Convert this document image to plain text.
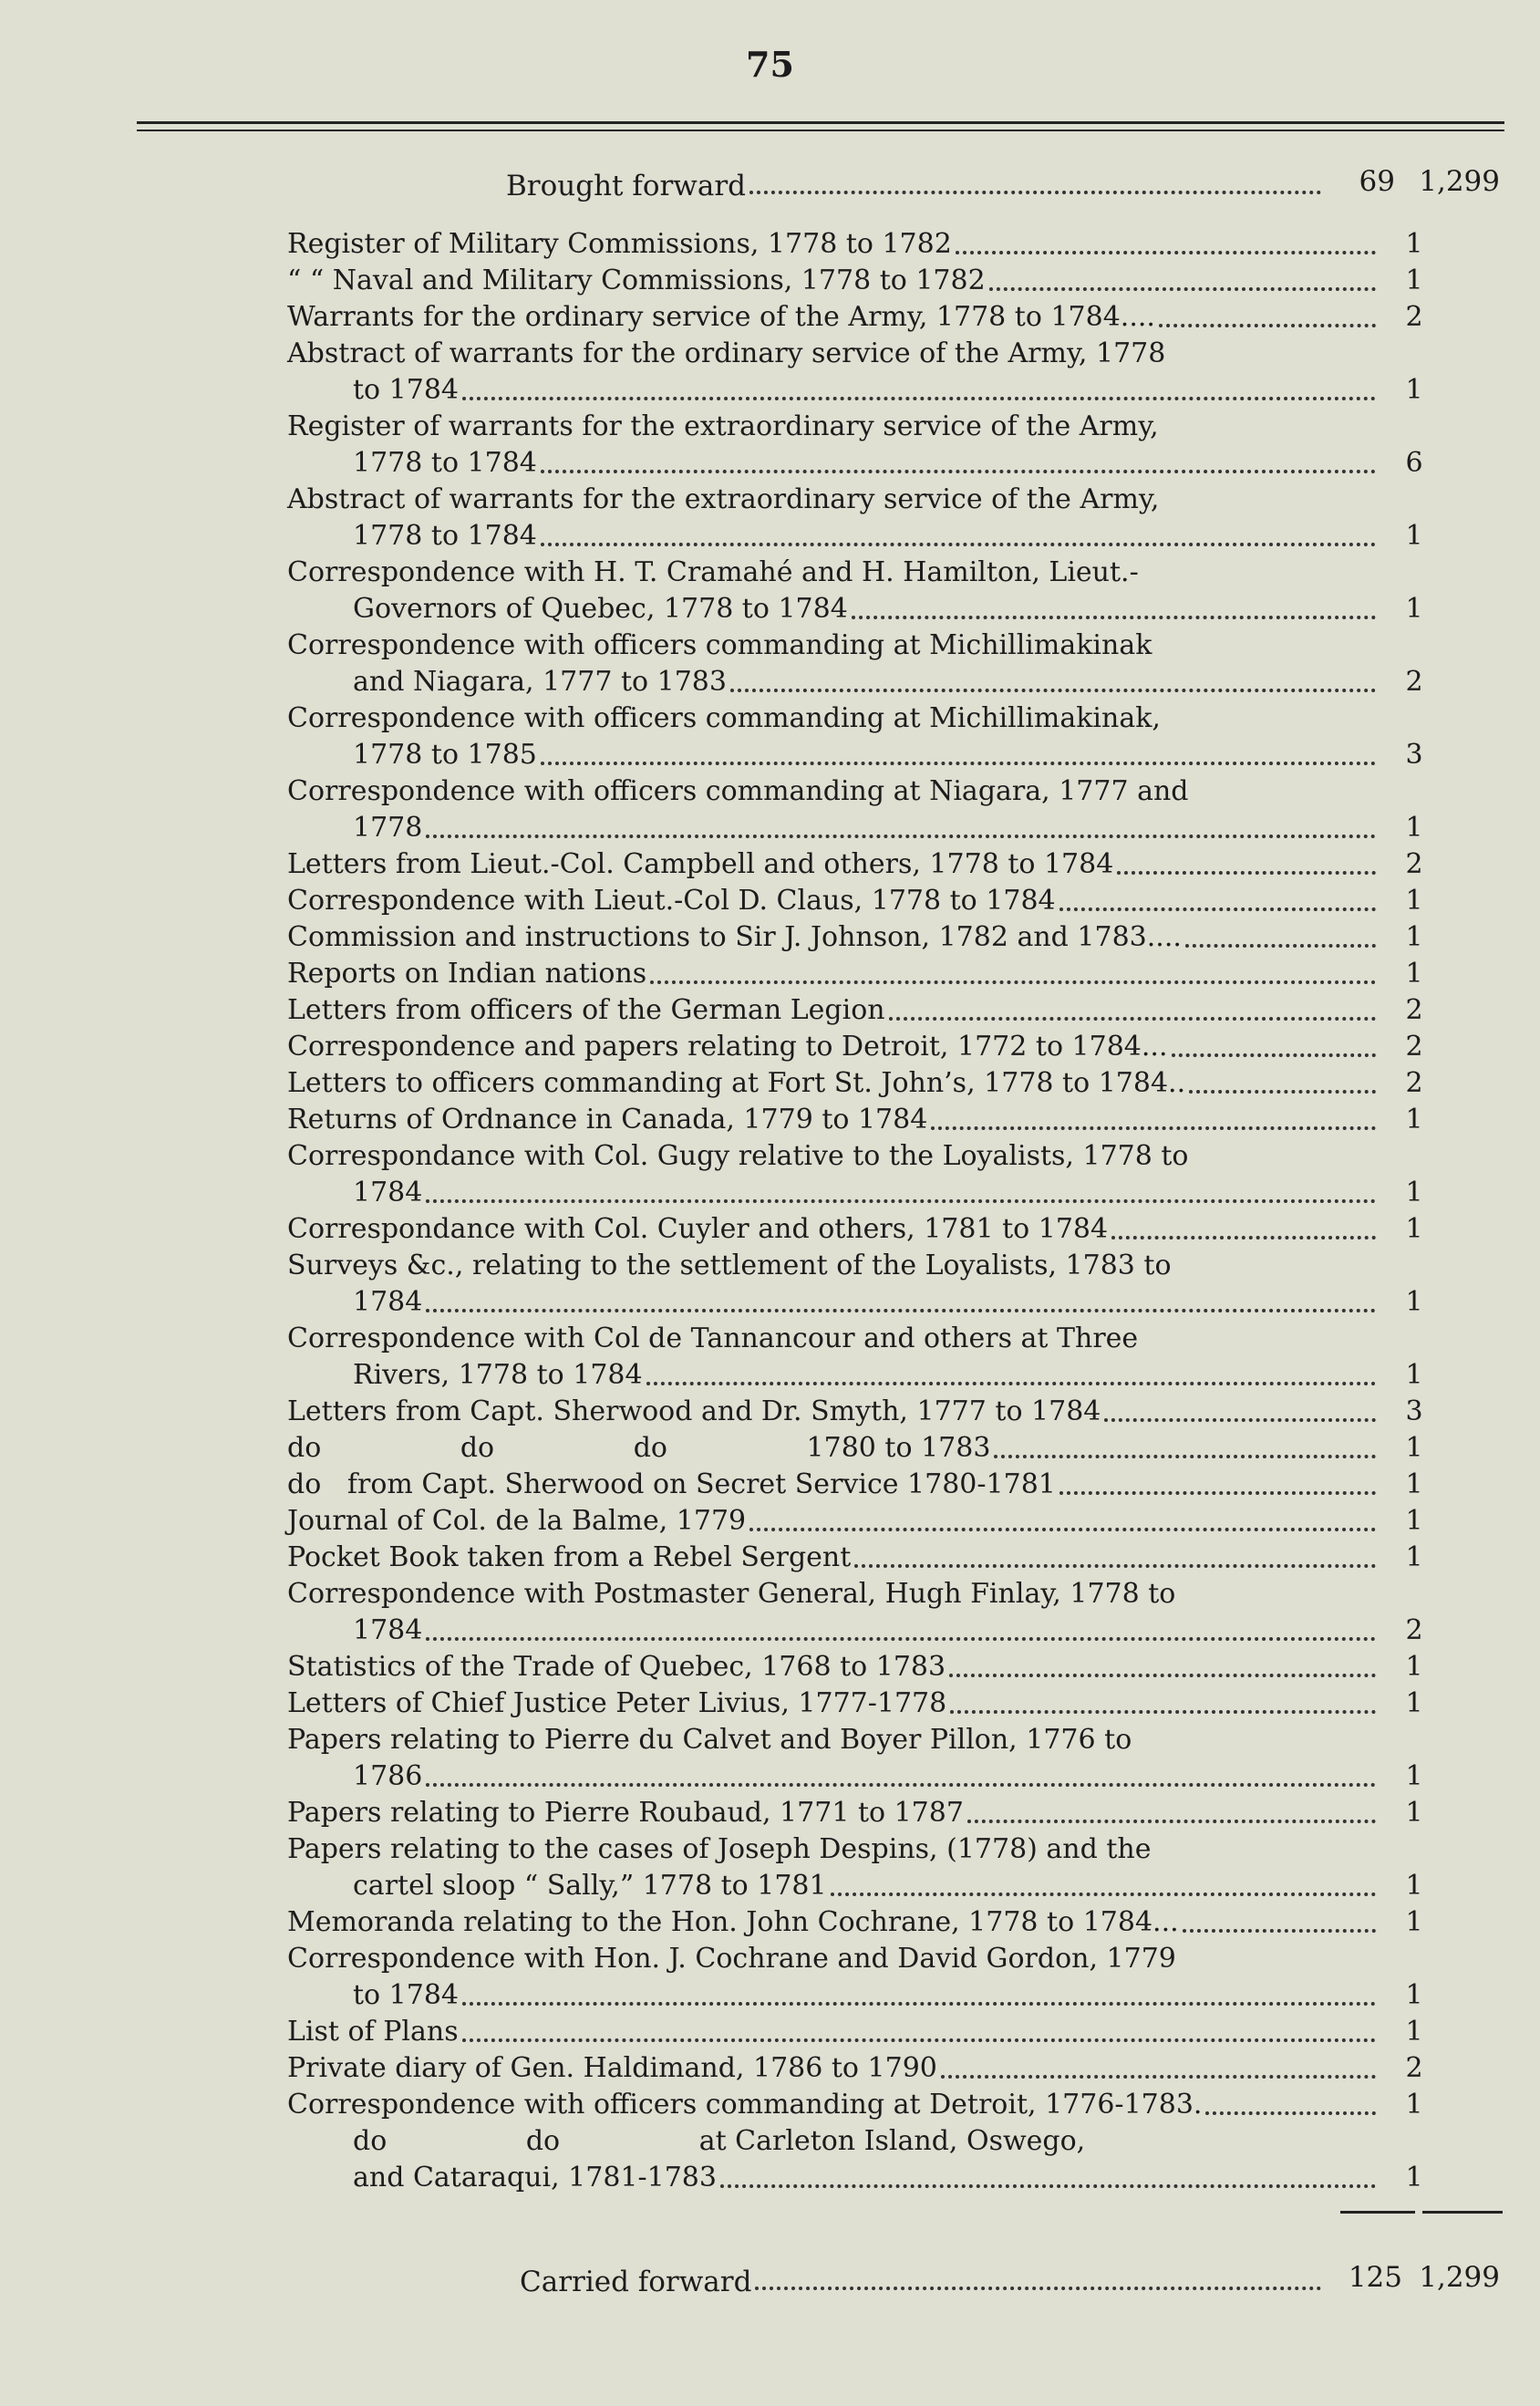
75
Brought forward	69 1,299
1
Register of Military Commissions, 1778 to 1782
1
“ “ Naval and Military Commissions, 1778 to 1782
2
Warrants for the ordinary service of the Army, 1778 to 1784....
Abstract of warrants for the ordinary service of the Army, 1778
1
to 1784
Register of warrants for the extraordinary service of the Army,
6
1778 to 1784
Abstract of warrants for the extraordinary service of the Army,
1
1778 to 1784
Correspondence with H. T. Cramahé and H. Hamilton, Lieut.-
1
Governors of Quebec, 1778 to 1784
Correspondence with officers commanding at Michillimakinak
2
and Niagara, 1777 to 1783
Correspondence with officers commanding at Michillimakinak,
3
1778 to 1785
Correspondence with officers commanding at Niagara, 1777 and
1
1778
2
Letters from Lieut.-Col. Campbell and others, 1778 to 1784
1
Correspondence with Lieut.-Col D. Claus, 1778 to 1784
1
Commission and instructions to Sir J. Johnson, 1782 and 1783....
1
Reports on Indian nations
2
Letters from officers of the German Legion
2
Correspondence and papers relating to Detroit, 1772 to 1784...
2
Letters to officers commanding at Fort St. John’s, 1778 to 1784..
1
Returns of Ordnance in Canada, 1779 to 1784
Correspondance with Col. Gugy relative to the Loyalists, 1778 to
1
1784
1
Correspondance with Col. Cuyler and others, 1781 to 1784
Surveys &c., relating to the settlement of the Loyalists, 1783 to
1
1784
Correspondence with Col de Tannancour and others at Three
1
Rivers, 1778 to 1784
3
Letters from Capt. Sherwood and Dr. Smyth, 1777 to 1784
1
do                do                do                1780 to 1783
1
do   from Capt. Sherwood on Secret Service 1780-1781
1
Journal of Col. de la Balme, 1779
1
Pocket Book taken from a Rebel Sergent
Correspondence with Postmaster General, Hugh Finlay, 1778 to
2
1784
1
Statistics of the Trade of Quebec, 1768 to 1783
1
Letters of Chief Justice Peter Livius, 1777-1778
Papers relating to Pierre du Calvet and Boyer Pillon, 1776 to
1
1786
1
Papers relating to Pierre Roubaud, 1771 to 1787
Papers relating to the cases of Joseph Despins, (1778) and the
1
cartel sloop “ Sally,” 1778 to 1781
1
Memoranda relating to the Hon. John Cochrane, 1778 to 1784...
Correspondence with Hon. J. Cochrane and David Gordon, 1779
1
to 1784
1
List of Plans
2
Private diary of Gen. Haldimand, 1786 to 1790
1
Correspondence with officers commanding at Detroit, 1776-1783.
do                do                at Carleton Island, Oswego,
1
and Cataraqui, 1781-1783
Carried forward	125 1,299
